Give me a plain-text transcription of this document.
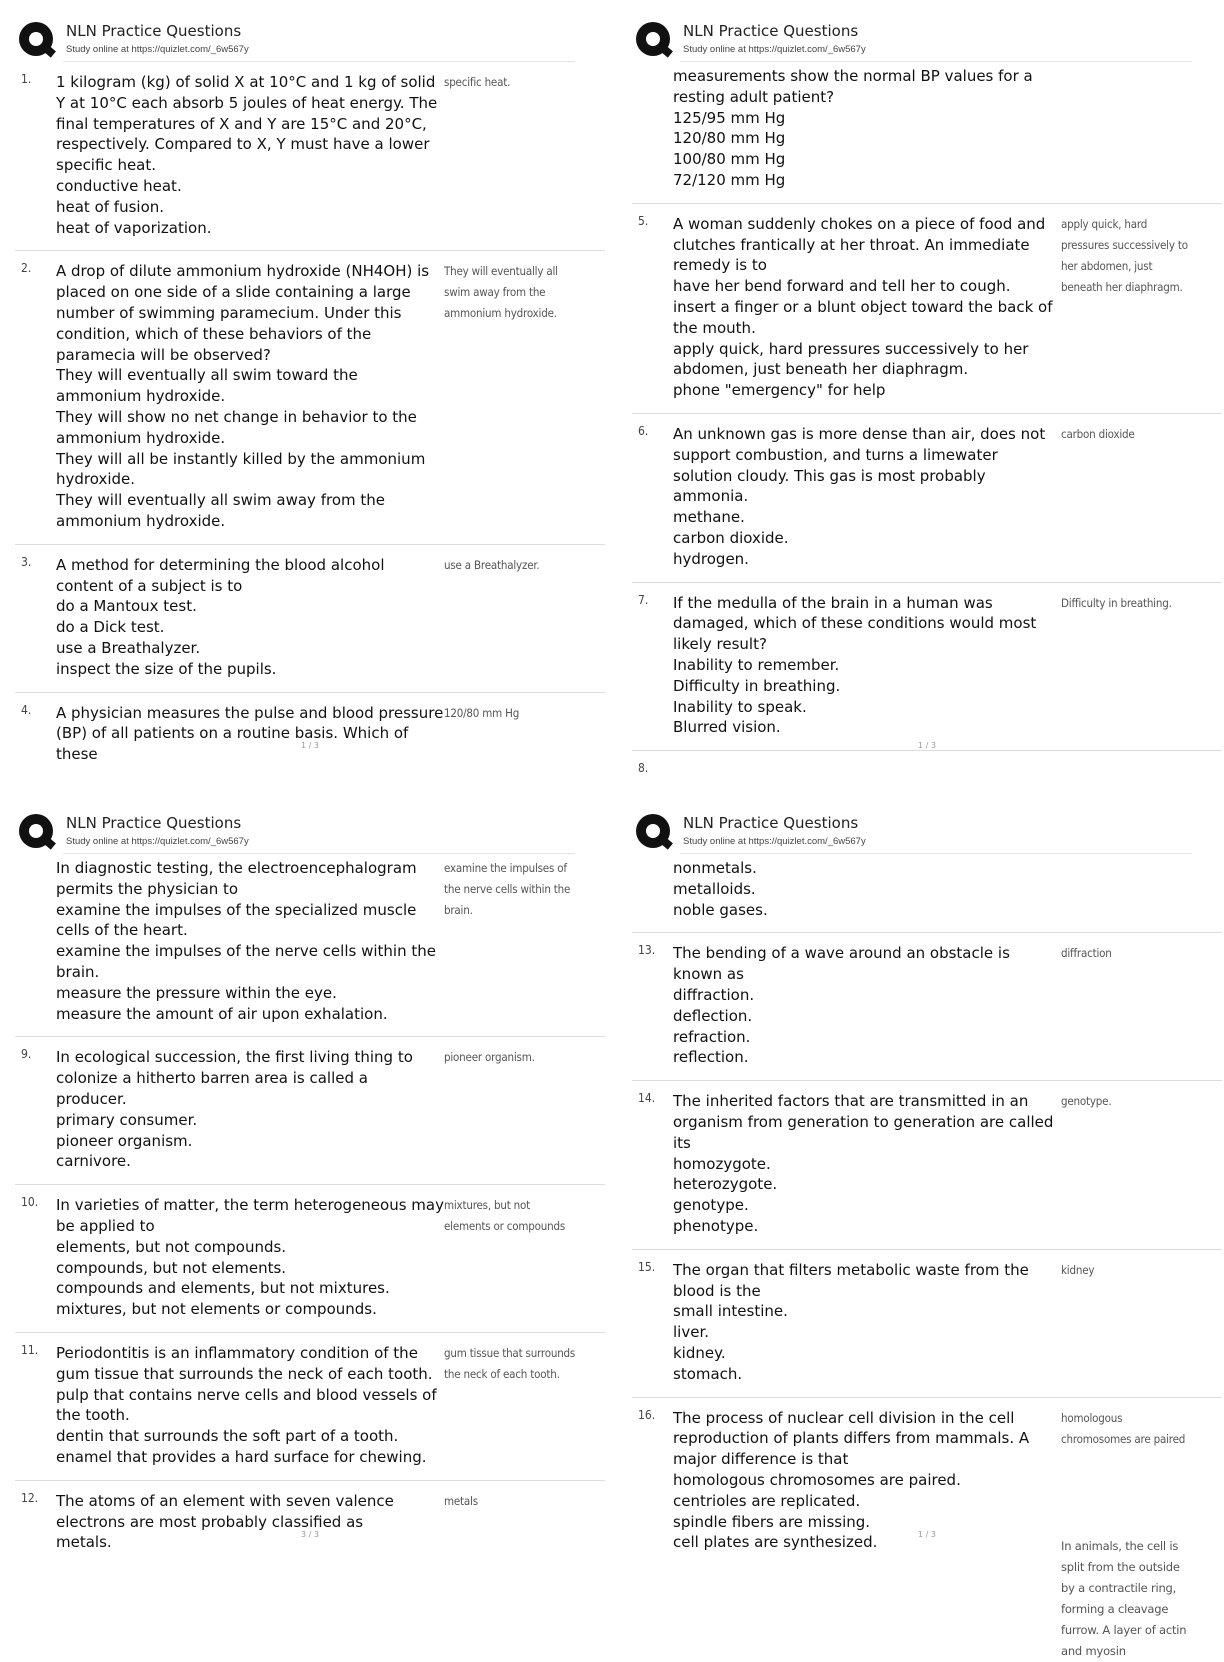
NLN Practice Questions
Study online at https://quizlet.com/_6w567y
1.	1 kilogram (kg) of solid X at 10°C and 1 kg of solid Y at 10°C each absorb 5 joules of heat energy. The final temperatures of X and Y are 15°C and 20°C, respectively. Compared to X, Y must have a lower
specific heat.
conductive heat.
heat of fusion.
heat of vaporization.
specific heat.
2.	A drop of dilute ammonium hydroxide (NH4OH) is placed on one side of a slide containing a large number of swimming paramecium. Under this condition, which of these behaviors of the paramecia will be observed?
They will eventually all swim toward the ammonium hydroxide.
They will show no net change in behavior to the ammonium hydroxide.
They will all be instantly killed by the ammonium hydroxide.
They will eventually all swim away from the ammonium hydroxide.
They will eventually all swim away from the ammonium hydroxide.
3.	A method for determining the blood alcohol content of a subject is to
do a Mantoux test.
do a Dick test.
use a Breathalyzer.
inspect the size of the pupils.
use a Breathalyzer.
4.	A physician measures the pulse and blood pressure (BP) of all patients on a routine basis. Which of these
120/80 mm Hg
1 / 3
NLN Practice Questions
Study online at https://quizlet.com/_6w567y
measurements show the normal BP values for a resting adult patient?
125/95 mm Hg
120/80 mm Hg
100/80 mm Hg
72/120 mm Hg
5.	A woman suddenly chokes on a piece of food and clutches frantically at her throat. An immediate remedy is to
have her bend forward and tell her to cough.
insert a finger or a blunt object toward the back of the mouth.
apply quick, hard pressures successively to her abdomen, just beneath her diaphragm.
phone "emergency" for help
apply quick, hard pressures successively to her abdomen, just beneath her diaphragm.
6.	An unknown gas is more dense than air, does not support combustion, and turns a limewater solution cloudy. This gas is most probably
ammonia.
methane.
carbon dioxide.
hydrogen.
carbon dioxide
7.	If the medulla of the brain in a human was damaged, which of these conditions would most likely result?
Inability to remember.
Difficulty in breathing.
Inability to speak.
Blurred vision.
Difficulty in breathing.
8.
1 / 3
NLN Practice Questions
Study online at https://quizlet.com/_6w567y
In diagnostic testing, the electroencephalogram permits the physician to
examine the impulses of the specialized muscle cells of the heart.
examine the impulses of the nerve cells within the brain.
measure the pressure within the eye.
measure the amount of air upon exhalation.
examine the impulses of the nerve cells within the brain.
9.	In ecological succession, the first living thing to colonize a hitherto barren area is called a
producer.
primary consumer.
pioneer organism.
carnivore.
pioneer organism.
10.	In varieties of matter, the term heterogeneous may be applied to
elements, but not compounds.
compounds, but not elements.
compounds and elements, but not mixtures.
mixtures, but not elements or compounds.
mixtures, but not elements or compounds
11.	Periodontitis is an inflammatory condition of the
gum tissue that surrounds the neck of each tooth.
pulp that contains nerve cells and blood vessels of the tooth.
dentin that surrounds the soft part of a tooth.
enamel that provides a hard surface for chewing.
gum tissue that surrounds the neck of each tooth.
12.	The atoms of an element with seven valence electrons are most probably classified as
metals.
metals
3 / 3
NLN Practice Questions
Study online at https://quizlet.com/_6w567y
nonmetals.
metalloids.
noble gases.
13.	The bending of a wave around an obstacle is known as
diffraction.
deflection.
refraction.
reflection.
diffraction
14.	The inherited factors that are transmitted in an organism from generation to generation are called its
homozygote.
heterozygote.
genotype.
phenotype.
genotype.
15.	The organ that filters metabolic waste from the blood is the
small intestine.
liver.
kidney.
stomach.
kidney
16.	The process of nuclear cell division in the cell reproduction of plants differs from mammals. A major difference is that
homologous chromosomes are paired.
centrioles are replicated.
spindle fibers are missing.
cell plates are synthesized.
homologous chromosomes are paired
In animals, the cell is split from the outside by a contractile ring, forming a cleavage furrow. A layer of actin and myosin
1 / 3
